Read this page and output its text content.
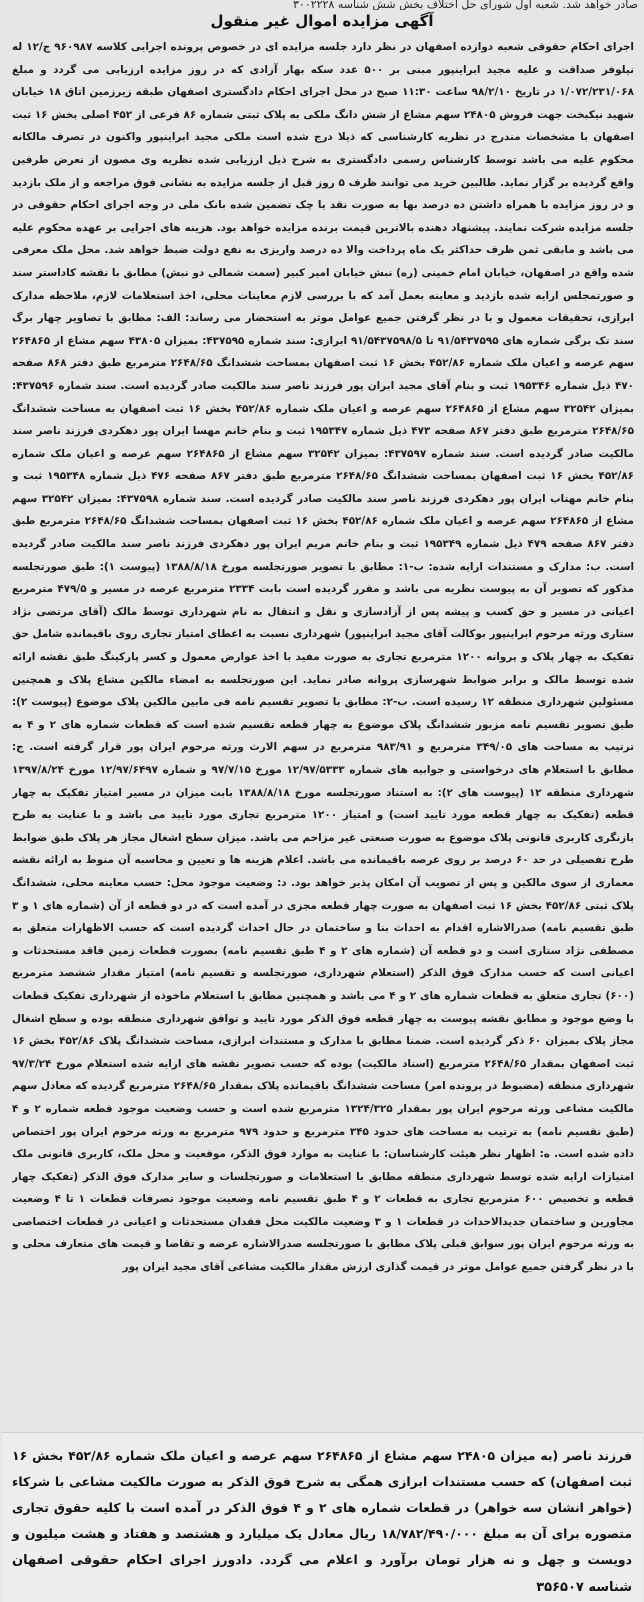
صادر خواهد شد. شعبه اول شورای حل اختلاف بخش شش شناسه ۳۰۰۲۲۲۸
آگهی مزایده اموال غیر منقول

اجرای احکام حقوقی شعبه دوازده اصفهان در نظر دارد جلسه مزایده ای در خصوص پرونده اجرایی کلاسه ۹۶۰۹۸۷ ج/۱۲ له نیلوفر صداقت و علیه مجید ابراینپور مبنی بر ۵۰۰ عدد سکه بهار آزادی که در روز مزایده ارزیابی می گردد و مبلغ ۱/۰۷۲/۲۳۱/۰۶۸ در تاریخ ۹۸/۲/۱۰ ساعت ۱۱:۳۰ صبح در محل اجرای احکام دادگستری اصفهان طبقه زیرزمین اتاق ۱۸ خیابان شهید نیکبخت جهت فروش ۲۴۸۰۵ سهم مشاع از شش دانگ ملکی به پلاک ثبتی شماره ۸۶ فرعی از ۴۵۲ اصلی بخش ۱۶ ثبت اصفهان با مشخصات مندرج در نظریه کارشناسی که ذیلا درج شده است ملکی مجید ابراینپور واکنون در تصرف مالکانه محکوم علیه می باشد توسط کارشناس رسمی دادگستری به شرح ذیل ارزیابی شده نظریه وی مصون از تعرض طرفین واقع گردیده بر گزار نماید. طالبین خرید می توانند ظرف ۵ روز قبل از جلسه مزایده به نشانی فوق مراجعه و از ملک بازدید و در روز مزایده با همراه داشتن ده درصد بها به صورت نقد یا چک تضمین شده بانک ملی در وجه اجرای احکام حقوقی در جلسه مزایده شرکت نمایند. پیشنهاد دهنده بالاترین قیمت برنده مزایده خواهد بود. هزینه های اجرایی بر عهده محکوم علیه می باشد و مابقی ثمن ظرف حداکثر یک ماه پرداخت والا ده درصد واریزی به نفع دولت ضبط خواهد شد. محل ملک معرفی شده واقع در اصفهان، خیابان امام خمینی (ره) نبش خیابان امیر کبیر (سمت شمالی دو نبش) مطابق با نقشه کاداستر سند و صورتمجلس ارایه شده بازدید و معاینه بعمل آمد که با بررسی لازم معاینات محلی، اخذ استعلامات لازم، ملاحظه مدارک ابرازی، تحقیقات معمول و با در نظر گرفتن جمیع عوامل موثر به استحضار می رساند: الف: مطابق با تصاویر چهار برگ سند تک برگی شماره های ۹۱/۵۴۳۷۵۹۵ تا ۹۱/۵۴۳۷۵۹۸/۵ ابرازی: سند شماره ۴۳۷۵۹۵: بمیزان ۴۳۸۰۵ سهم مشاع از ۲۶۴۸۶۵ سهم عرصه و اعیان ملک شماره ۴۵۲/۸۶ بخش ۱۶ ثبت اصفهان بمساحت ششدانگ ۲۶۴۸/۶۵ مترمربع طبق دفتر ۸۶۸ صفحه ۴۷۰ ذیل شماره ۱۹۵۳۴۶ ثبت و بنام آقای مجید ابران پور فرزند ناصر سند مالکیت صادر گردیده است. سند شماره ۴۳۷۵۹۶: بمیزان ۳۲۵۴۲ سهم مشاع از ۲۶۴۸۶۵ سهم عرصه و اعیان ملک شماره ۴۵۲/۸۶ بخش ۱۶ ثبت اصفهان به مساحت ششدانگ ۲۶۴۸/۶۵ مترمربع طبق دفتر ۸۶۷ صفحه ۴۷۳ ذیل شماره ۱۹۵۳۴۷ ثبت و بنام خانم مهسا ایران پور دهکردی فرزند ناصر سند مالکیت صادر گردیده است. سند شماره ۴۳۷۵۹۷: بمیزان ۳۲۵۴۲ سهم مشاع از ۲۶۴۸۶۵ سهم عرصه و اعیان ملک شماره ۴۵۲/۸۶ بخش ۱۶ ثبت اصفهان بمساحت ششدانگ ۲۶۴۸/۶۵ مترمربع طبق دفتر ۸۶۷ صفحه ۴۷۶ ذیل شماره ۱۹۵۳۴۸ ثبت و بنام خانم مهتاب ایران پور دهکردی فرزند ناصر سند مالکیت صادر گردیده است. سند شماره ۴۳۷۵۹۸: بمیزان ۳۲۵۴۲ سهم مشاع از ۲۶۴۸۶۵ سهم عرصه و اعیان ملک شماره ۴۵۲/۸۶ بخش ۱۶ ثبت اصفهان بمساحت ششدانگ ۲۶۴۸/۶۵ مترمربع طبق دفتر ۸۶۷ صفحه ۴۷۹ ذیل شماره ۱۹۵۳۴۹ ثبت و بنام خانم مریم ایران پور دهکردی فرزند ناصر سند مالکیت صادر گردیده است. ب: مدارک و مستندات ارایه شده: ب-۱: مطابق با تصویر صورتجلسه مورخ ۱۳۸۸/۸/۱۸ (پیوست ۱): طبق صورتجلسه مذکور که تصویر آن به پیوست نظریه می باشد و مقرر گردیده است بابت ۲۳۳۴ مترمربع عرصه در مسیر و ۴۷۹/۵ مترمربع اعیانی در مسیر و حق کسب و پیشه پس از آزادسازی و نقل و انتقال به نام شهرداری توسط مالک (آقای مرتضی نژاد ستاری ورثه مرحوم ابراینپور بوکالت آقای مجید ابراینپور) شهرداری نسبت به اعطای امتیاز تجاری روی باقیمانده شامل حق تفکیک به چهار پلاک و پروانه ۱۲۰۰ مترمربع تجاری به صورت مفید با اخذ عوارض معمول و کسر پارکینگ طبق نقشه ارائه شده توسط مالک و برابر ضوابط شهرسازی پروانه صادر نماید. این صورتجلسه به امضاء مالکین مشاع پلاک و همچنین مسئولین شهرداری منطقه ۱۲ رسیده است. ب-۲: مطابق با تصویر تقسیم نامه فی مابین مالکین پلاک موضوع (پیوست ۲): طبق تصویر تقسیم نامه مزبور ششدانگ پلاک موضوع به چهار قطعه تقسیم شده است که قطعات شماره های ۲ و ۴ به ترتیب به مساحت های ۳۴۹/۰۵ مترمربع و ۹۸۳/۹۱ مترمربع در سهم الارث ورثه مرحوم ایران پور قرار گرفته است. ج: مطابق با استعلام های درخواستی و جوابیه های شماره ۱۲/۹۷/۵۳۳۳ مورخ ۹۷/۷/۱۵ و شماره ۱۲/۹۷/۶۴۹۷ مورخ ۱۳۹۷/۸/۲۴ شهرداری منطقه ۱۲ (پیوست های ۲): به استناد صورتجلسه مورخ ۱۳۸۸/۸/۱۸ بابت میزان در مسیر امتیاز تفکیک به چهار قطعه (تفکیک به چهار قطعه مورد تایید است) و امتیاز ۱۲۰۰ مترمربع تجاری مورد تایید می باشد و با عنایت به طرح بازنگری کاربری قانونی پلاک موضوع به صورت صنعتی غیر مزاحم می باشد. میزان سطح اشغال مجاز هر پلاک طبق ضوابط طرح تفصیلی در حد ۶۰ درصد بر روی عرصه باقیمانده می باشد. اعلام هزینه ها و تعیین و محاسبه آن منوط به ارائه نقشه معماری از سوی مالکین و پس از تصویب آن امکان پذیر خواهد بود. د: وضعیت موجود محل: حسب معاینه محلی، ششدانگ پلاک ثبتی ۴۵۲/۸۶ بخش ۱۶ ثبت اصفهان به صورت چهار قطعه مجزی در آمده است که در دو قطعه از آن (شماره های ۱ و ۳ طبق تقسیم نامه) صدرالاشاره اقدام به احداث بنا و ساختمان در حال احداث گردیده است که حسب الاظهارات متعلق به مصطفی نژاد ستاری است و دو قطعه آن (شماره های ۲ و ۴ طبق تقسیم نامه) بصورت قطعات زمین فاقد مستحدثات و اعیانی است که حسب مدارک فوق الذکر (استعلام شهرداری، صورتجلسه و تقسیم نامه) امتیاز مقدار ششصد مترمربع (۶۰۰) تجاری متعلق به قطعات شماره های ۲ و ۴ می باشد و همچنین مطابق با استعلام ماخوذه از شهرداری تفکیک قطعات با وضع موجود و مطابق نقشه پیوست به چهار قطعه فوق الذکر مورد تایید و توافق شهرداری منطقه بوده و سطح اشغال مجاز پلاک بمیزان ۶۰ ذکر گردیده است. ضمنا مطابق با مدارک و مستندات ابرازی، مساحت ششدانگ پلاک ۴۵۲/۸۶ بخش ۱۶ ثبت اصفهان بمقدار ۲۶۴۸/۶۵ مترمربع (اسناد مالکیت) بوده که حسب تصویر نقشه های ارایه شده استعلام مورخ ۹۷/۳/۲۴ شهرداری منطقه (مضبوط در پرونده امر) مساحت ششدانگ باقیمانده پلاک بمقدار ۲۶۴۸/۶۵ مترمربع گردیده که معادل سهم مالکیت مشاعی ورثه مرحوم ایران پور بمقدار ۱۳۲۴/۳۲۵ مترمربع شده است و حسب وضعیت موجود قطعه شماره ۲ و ۴ (طبق تقسیم نامه) به ترتیب به مساحت های حدود ۳۴۵ مترمربع و حدود ۹۷۹ مترمربع به ورثه مرحوم ایران پور اختصاص داده شده است. ه: اظهار نظر هیئت کارشناسان: با عنایت به موارد فوق الذکر، موقعیت و محل ملک، کاربری قانونی ملک امتیازات ارایه شده توسط شهرداری منطقه مطابق با استعلامات و صورتجلسات و سایر مدارک فوق الذکر (تفکیک چهار قطعه و تخصیص ۶۰۰ مترمربع تجاری به قطعات ۲ و ۴ طبق تقسیم نامه وضعیت موجود تصرفات قطعات ۱ تا ۴ وضعیت مجاورین و ساختمان جدیدالاحداث در قطعات ۱ و ۳ وضعیت مالکیت محل فقدان مستحدثات و اعیانی در قطعات اختصاصی به ورثه مرحوم ایران پور سوابق قبلی پلاک مطابق با صورتجلسه صدرالاشاره عرضه و تقاضا و قیمت های متعارف محلی و با در نظر گرفتن جمیع عوامل موثر در قیمت گذاری ارزش مقدار مالکیت مشاعی آقای مجید ایران پور

فرزند ناصر (به میزان ۲۴۸۰۵ سهم مشاع از ۲۶۴۸۶۵ سهم عرصه و اعیان ملک شماره ۴۵۲/۸۶ بخش ۱۶ ثبت اصفهان) که حسب مستندات ابرازی همگی به شرح فوق الذکر به صورت مالکیت مشاعی با شرکاء (خواهر انشان سه خواهر) در قطعات شماره های ۲ و ۴ فوق الذکر در آمده است با کلیه حقوق تجاری متصوره برای آن به مبلغ ۱۸/۷۸۲/۴۹۰/۰۰۰ ریال معادل یک میلیارد و هشتصد و هفتاد و هشت میلیون و دویست و چهل و نه هزار تومان برآورد و اعلام می گردد. دادورز اجرای احکام حقوقی اصفهان شناسه ۳۵۶۵۰۷
